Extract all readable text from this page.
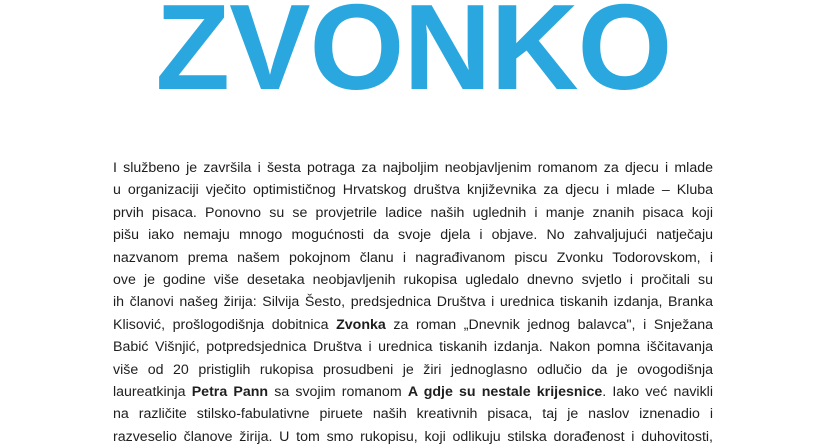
ZVONKO
I službeno je završila i šesta potraga za najboljim neobjavljenim romanom za djecu i mlade
u organizaciji vječito optimističnog Hrvatskog društva književnika za djecu i mlade – Kluba
prvih pisaca. Ponovno su se provjetrile ladice naših uglednih i manje znanih pisaca koji
pišu iako nemaju mnogo mogućnosti da svoje djela i objave. No zahvaljujući natječaju
nazvanom prema našem pokojnom članu i nagrađivanom piscu Zvonku Todorovskom, i
ove je godine više desetaka neobjavljenih rukopisa ugledalo dnevno svjetlo i pročitali su
ih članovi našeg žirija: Silvija Šesto, predsjednica Društva i urednica tiskanih izdanja, Branka
Klisović, prošlogodišnja dobitnica Zvonka za roman „Dnevnik jednog balavca", i Snježana
Babić Višnjić, potpredsjednica Društva i urednica tiskanih izdanja. Nakon pomna iščitavanja
više od 20 pristiglih rukopisa prosudbeni je žiri jednoglasno odlučio da je ovogodišnja
laureatkinja Petra Pann sa svojim romanom A gdje su nestale krijesnice. Iako već navikli
na različite stilsko-fabulativne piruete naših kreativnih pisaca, taj je naslov iznenadio i
razveselio članove žirija. U tom smo rukopisu, koji odlikuju stilska dorađenost i duhovitosti,
